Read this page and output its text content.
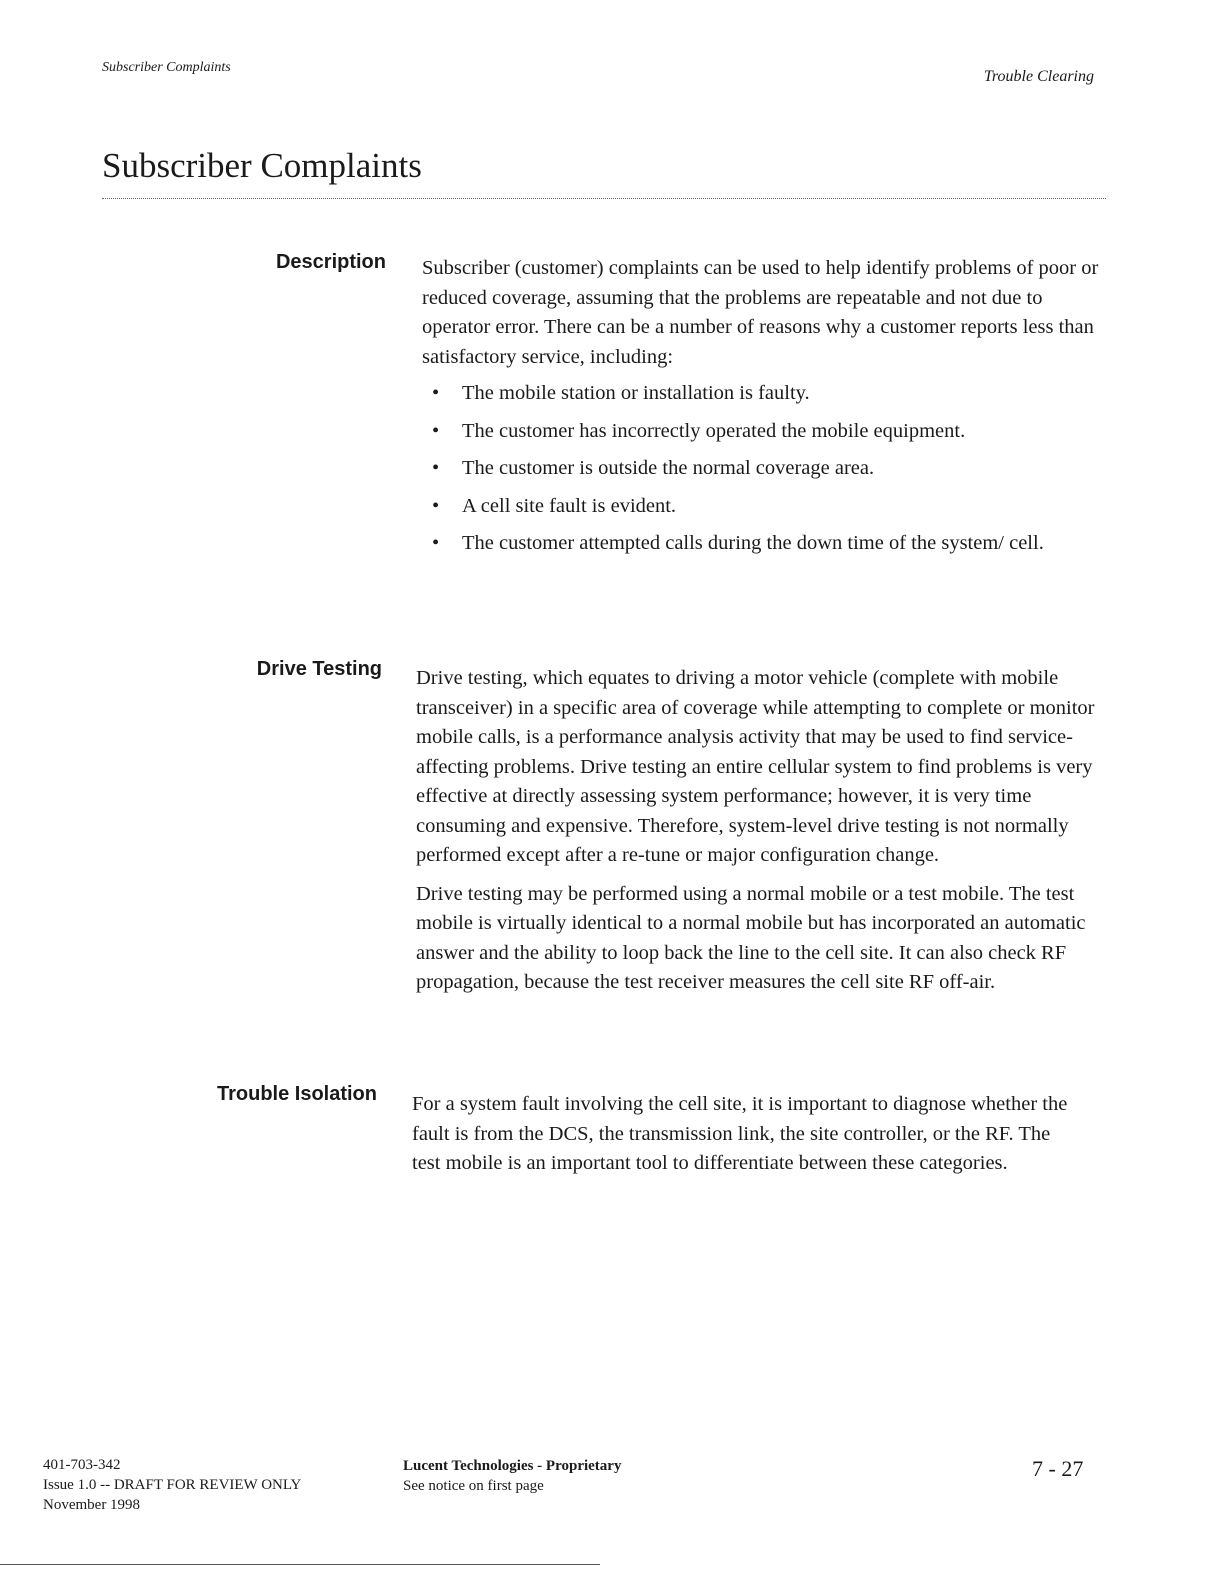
Subscriber Complaints
Trouble Clearing
Subscriber Complaints
Description Subscriber (customer) complaints can be used to help identify problems of poor or reduced coverage, assuming that the problems are repeatable and not due to operator error. There can be a number of reasons why a customer reports less than satisfactory service, including:

• The mobile station or installation is faulty.
• The customer has incorrectly operated the mobile equipment.
• The customer is outside the normal coverage area.
• A cell site fault is evident.
• The customer attempted calls during the down time of the system/ cell.
Drive Testing Drive testing, which equates to driving a motor vehicle (complete with mobile transceiver) in a specific area of coverage while attempting to complete or monitor mobile calls, is a performance analysis activity that may be used to find service-affecting problems. Drive testing an entire cellular system to find problems is very effective at directly assessing system performance; however, it is very time consuming and expensive. Therefore, system-level drive testing is not normally performed except after a re-tune or major configuration change.

Drive testing may be performed using a normal mobile or a test mobile. The test mobile is virtually identical to a normal mobile but has incorporated an automatic answer and the ability to loop back the line to the cell site. It can also check RF propagation, because the test receiver measures the cell site RF off-air.

Trouble Isolation For a system fault involving the cell site, it is important to diagnose whether the fault is from the DCS, the transmission link, the site controller, or the RF. The test mobile is an important tool to differentiate between these categories.

401-703-342
Issue 1.0 -- DRAFT FOR REVIEW ONLY
November 1998
Lucent Technologies - Proprietary
See notice on first page
7 - 27
